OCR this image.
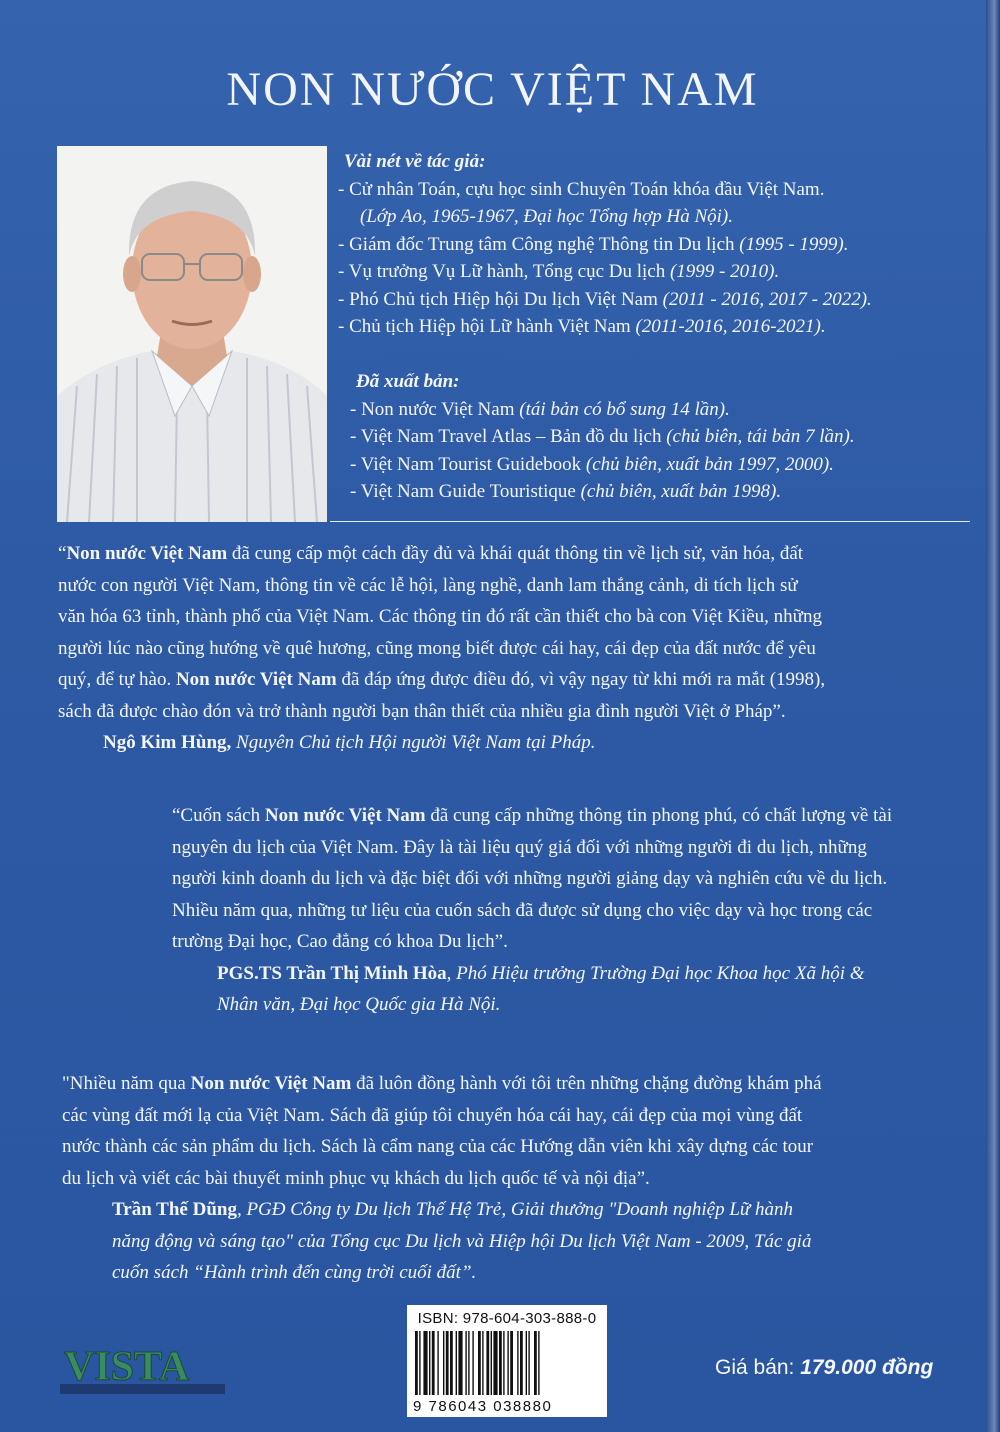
NON NƯỚC VIỆT NAM
Vài nét về tác giả:
- Cử nhân Toán, cựu học sinh Chuyên Toán khóa đầu Việt Nam.
(Lớp Ao, 1965-1967, Đại học Tổng hợp Hà Nội).
- Giám đốc Trung tâm Công nghệ Thông tin Du lịch (1995 - 1999).
- Vụ trưởng Vụ Lữ hành, Tổng cục Du lịch (1999 - 2010).
- Phó Chủ tịch Hiệp hội Du lịch Việt Nam (2011 - 2016, 2017 - 2022).
- Chủ tịch Hiệp hội Lữ hành Việt Nam (2011-2016, 2016-2021).
Đã xuất bản:
- Non nước Việt Nam (tái bản có bổ sung 14 lần).
- Việt Nam Travel Atlas – Bản đồ du lịch (chủ biên, tái bản 7 lần).
- Việt Nam Tourist Guidebook (chủ biên, xuất bản 1997, 2000).
- Việt Nam Guide Touristique (chủ biên, xuất bản 1998).
“Non nước Việt Nam đã cung cấp một cách đầy đủ và khái quát thông tin về lịch sử, văn hóa, đất
nước con người Việt Nam, thông tin về các lễ hội, làng nghề, danh lam thắng cảnh, di tích lịch sử
văn hóa 63 tỉnh, thành phố của Việt Nam. Các thông tin đó rất cần thiết cho bà con Việt Kiều, những
người lúc nào cũng hướng về quê hương, cũng mong biết được cái hay, cái đẹp của đất nước để yêu
quý, để tự hào. Non nước Việt Nam đã đáp ứng được điều đó, vì vậy ngay từ khi mới ra mắt (1998),
sách đã được chào đón và trở thành người bạn thân thiết của nhiều gia đình người Việt ở Pháp”.
Ngô Kim Hùng, Nguyên Chủ tịch Hội người Việt Nam tại Pháp.
“Cuốn sách Non nước Việt Nam đã cung cấp những thông tin phong phú, có chất lượng về tài
nguyên du lịch của Việt Nam. Đây là tài liệu quý giá đối với những người đi du lịch, những
người kinh doanh du lịch và đặc biệt đối với những người giảng dạy và nghiên cứu về du lịch.
Nhiều năm qua, những tư liệu của cuốn sách đã được sử dụng cho việc dạy và học trong các
trường Đại học, Cao đẳng có khoa Du lịch”.
PGS.TS Trần Thị Minh Hòa, Phó Hiệu trưởng Trường Đại học Khoa học Xã hội &
Nhân văn, Đại học Quốc gia Hà Nội.
"Nhiều năm qua Non nước Việt Nam đã luôn đồng hành với tôi trên những chặng đường khám phá
các vùng đất mới lạ của Việt Nam. Sách đã giúp tôi chuyển hóa cái hay, cái đẹp của mọi vùng đất
nước thành các sản phẩm du lịch. Sách là cẩm nang của các Hướng dẫn viên khi xây dựng các tour
du lịch và viết các bài thuyết minh phục vụ khách du lịch quốc tế và nội địa”.
Trần Thế Dũng, PGĐ Công ty Du lịch Thế Hệ Trẻ, Giải thưởng "Doanh nghiệp Lữ hành
năng động và sáng tạo" của Tổng cục Du lịch và Hiệp hội Du lịch Việt Nam - 2009, Tác giả
cuốn sách “Hành trình đến cùng trời cuối đất”.
VISTA
ISBN: 978-604-303-888-0
9 786043 038880
Giá bán: 179.000 đồng
